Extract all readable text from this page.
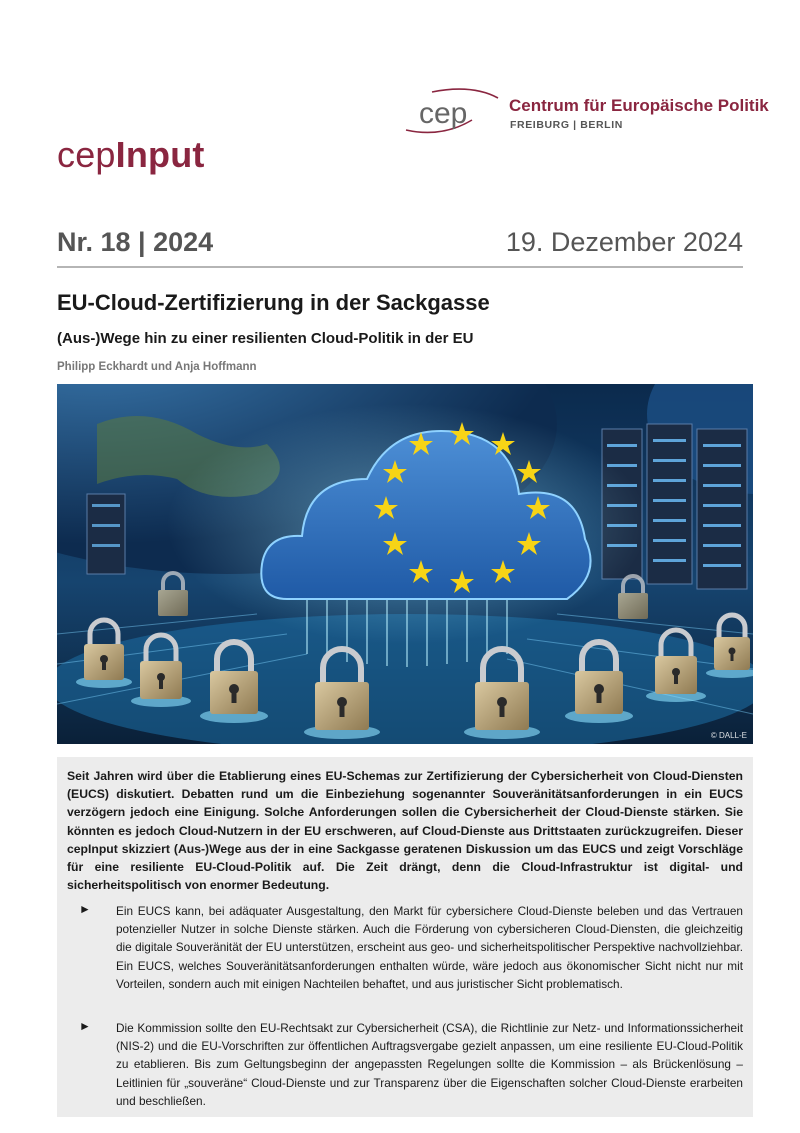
cep Centrum für Europäische Politik
FREIBURG | BERLIN
cepInput
Nr. 18 | 2024	19. Dezember 2024
EU-Cloud-Zertifizierung in der Sackgasse
(Aus-)Wege hin zu einer resilienten Cloud-Politik in der EU
Philipp Eckhardt und Anja Hoffmann
© DALL-E

Seit Jahren wird über die Etablierung eines EU-Schemas zur Zertifizierung der Cybersicherheit von Cloud-Diensten (EUCS) diskutiert. Debatten rund um die Einbeziehung sogenannter Souveränitätsanforderungen in ein EUCS verzögern jedoch eine Einigung. Solche Anforderungen sollen die Cybersicherheit der Cloud-Dienste stärken. Sie könnten es jedoch Cloud-Nutzern in der EU erschweren, auf Cloud-Dienste aus Drittstaaten zurückzugreifen. Dieser cepInput skizziert (Aus-)Wege aus der in eine Sackgasse geratenen Diskussion um das EUCS und zeigt Vorschläge für eine resiliente EU-Cloud-Politik auf. Die Zeit drängt, denn die Cloud-Infrastruktur ist digital- und sicherheitspolitisch von enormer Bedeutung.

► Ein EUCS kann, bei adäquater Ausgestaltung, den Markt für cybersichere Cloud-Dienste beleben und das Vertrauen potenzieller Nutzer in solche Dienste stärken. Auch die Förderung von cybersicheren Cloud-Diensten, die gleichzeitig die digitale Souveränität der EU unterstützen, erscheint aus geo- und sicherheitspolitischer Perspektive nachvollziehbar. Ein EUCS, welches Souveränitätsanforderungen enthalten würde, wäre jedoch aus ökonomischer Sicht nicht nur mit Vorteilen, sondern auch mit einigen Nachteilen behaftet, und aus juristischer Sicht problematisch.

► Die Kommission sollte den EU-Rechtsakt zur Cybersicherheit (CSA), die Richtlinie zur Netz- und Informationssicherheit (NIS-2) und die EU-Vorschriften zur öffentlichen Auftragsvergabe gezielt anpassen, um eine resiliente EU-Cloud-Politik zu etablieren. Bis zum Geltungsbeginn der angepassten Regelungen sollte die Kommission – als Brückenlösung – Leitlinien für „souveräne“ Cloud-Dienste und zur Transparenz über die Eigenschaften solcher Cloud-Dienste erarbeiten und beschließen.
